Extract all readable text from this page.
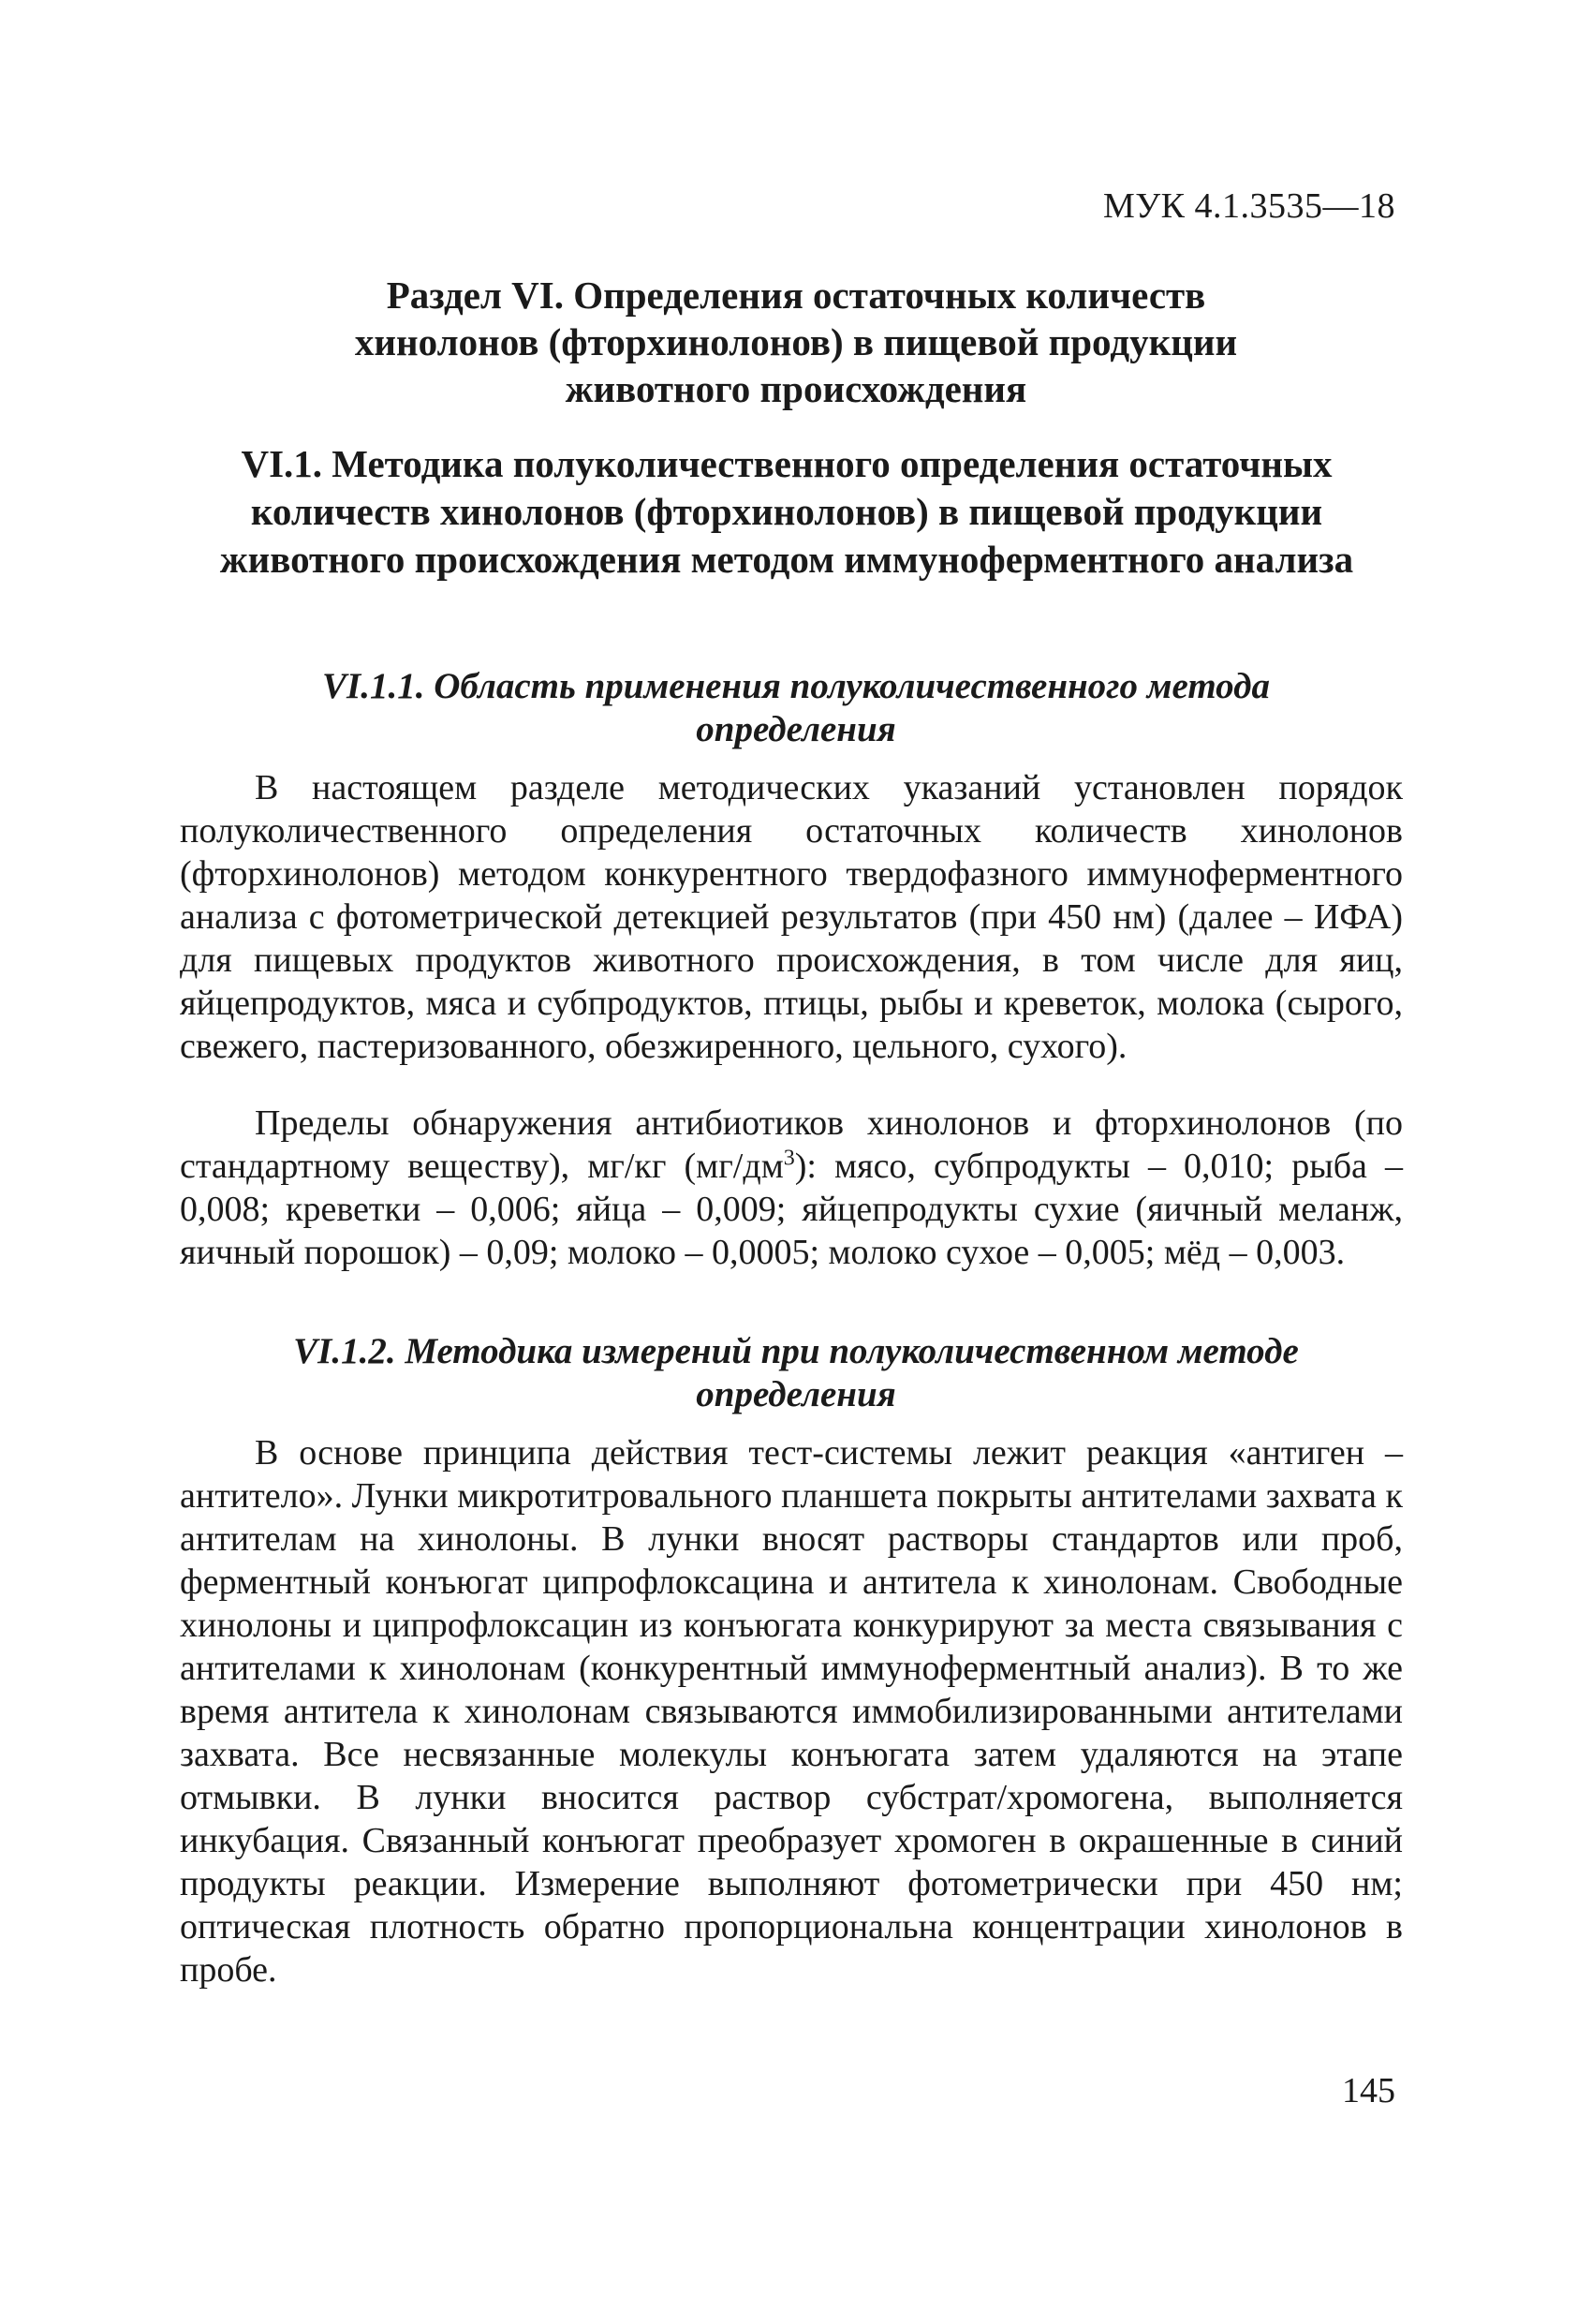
МУК 4.1.3535—18
Раздел VI. Определения остаточных количеств хинолонов (фторхинолонов) в пищевой продукции животного происхождения
VI.1. Методика полуколичественного определения остаточных количеств хинолонов (фторхинолонов) в пищевой продукции животного происхождения методом иммуноферментного анализа
VI.1.1. Область применения полуколичественного метода определения

В настоящем разделе методических указаний установлен порядок полуколичественного определения остаточных количеств хинолонов (фторхинолонов) методом конкурентного твердофазного иммуноферментного анализа с фотометрической детекцией результатов (при 450 нм) (далее – ИФА) для пищевых продуктов животного происхождения, в том числе для яиц, яйцепродуктов, мяса и субпродуктов, птицы, рыбы и креветок, молока (сырого, свежего, пастеризованного, обезжиренного, цельного, сухого).

Пределы обнаружения антибиотиков хинолонов и фторхинолонов (по стандартному веществу), мг/кг $(мг/дм^3)$: мясо, субпродукты – 0,010; рыба – 0,008; креветки – 0,006; яйца – 0,009; яйцепродукты сухие (яичный меланж, яичный порошок) – 0,09; молоко – 0,0005; молоко сухое – 0,005; мёд – 0,003.

VI.1.2. Методика измерений при полуколичественном методе определения

В основе принципа действия тест-системы лежит реакция «антиген – антитело». Лунки микротитровального планшета покрыты антителами захвата к антителам на хинолоны. В лунки вносят растворы стандартов или проб, ферментный конъюгат ципрофлоксацина и антитела к хинолонам. Свободные хинолоны и ципрофлоксацин из конъюгата конкурируют за места связывания с антителами к хинолонам (конкурентный иммуноферментный анализ). В то же время антитела к хинолонам связываются иммобилизированными антителами захвата. Все несвязанные молекулы конъюгата затем удаляются на этапе отмывки. В лунки вносится раствор субстрат/хромогена, выполняется инкубация. Связанный конъюгат преобразует хромоген в окрашенные в синий продукты реакции. Измерение выполняют фотометрически при 450 нм; оптическая плотность обратно пропорциональна концентрации хинолонов в пробе.

145
